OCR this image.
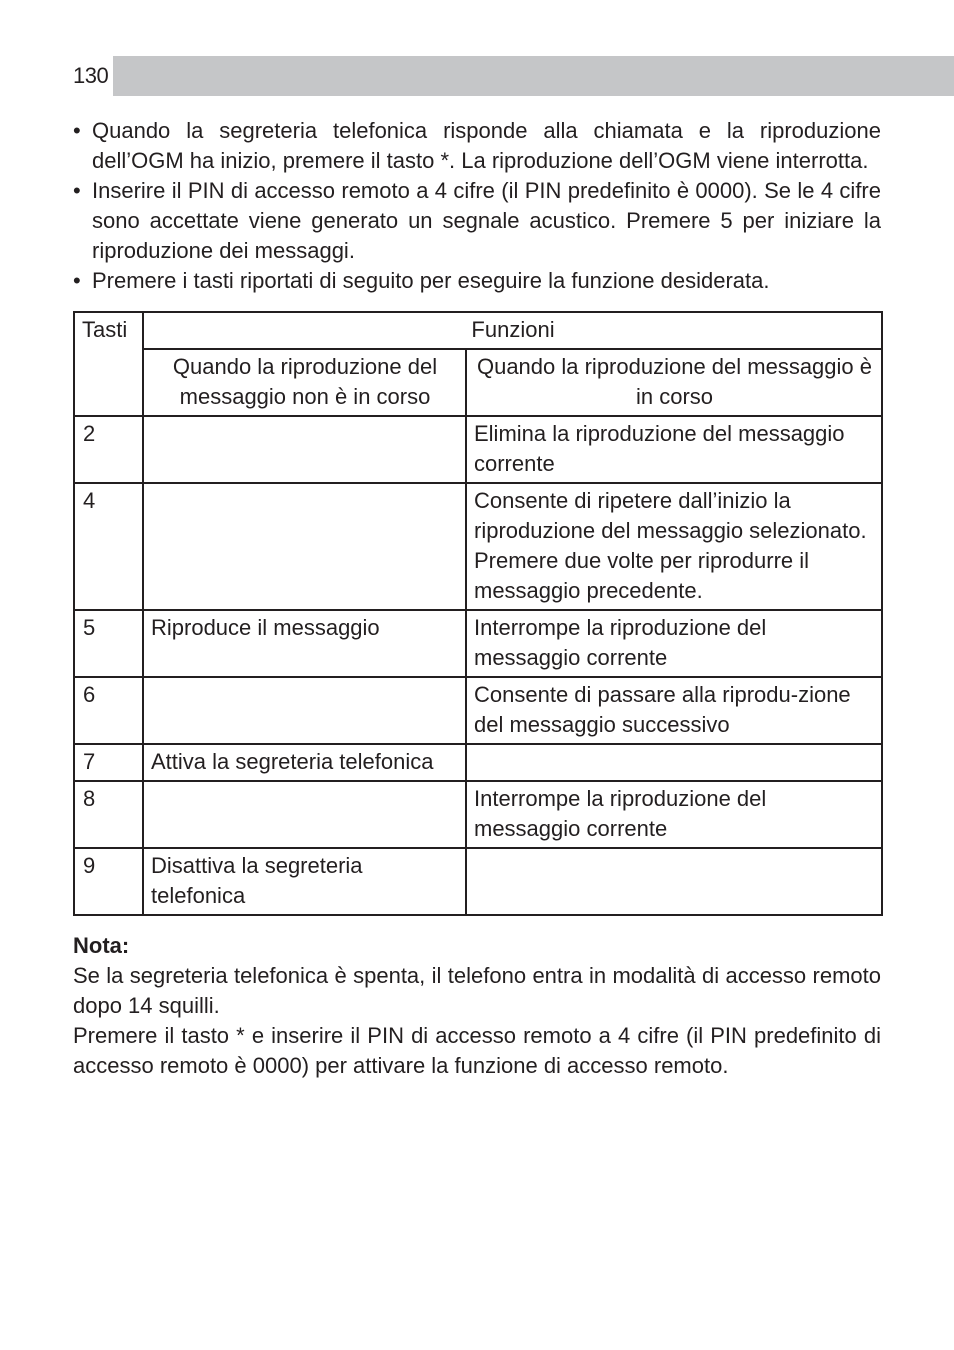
130
• Quando la segreteria telefonica risponde alla chiamata e la riproduzione dell’OGM ha inizio, premere il tasto *. La riproduzione dell’OGM viene interrotta.
• Inserire il PIN di accesso remoto a 4 cifre (il PIN predefinito è 0000). Se le 4 cifre sono accettate viene generato un segnale acustico. Premere 5 per iniziare la riproduzione dei messaggi.
• Premere i tasti riportati di seguito per eseguire la funzione desiderata.
Tasti	Funzioni	
	Quando la riproduzione del messaggio non è in corso	Quando la riproduzione del messaggio è in corso
2		Elimina la riproduzione del messaggio corrente
4		Consente di ripetere dall’inizio la riproduzione del messaggio selezionato. Premere due volte per riprodurre il messaggio precedente.
5	Riproduce il messaggio	Interrompe la riproduzione del messaggio corrente
6		Consente di passare alla riprodu-zione del messaggio successivo
7	Attiva la segreteria telefonica	
8		Interrompe la riproduzione del messaggio corrente
9	Disattiva la segreteria telefonica	
Nota:

Se la segreteria telefonica è spenta, il telefono entra in modalità di accesso remoto dopo 14 squilli.

Premere il tasto * e inserire il PIN di accesso remoto a 4 cifre (il PIN predefinito di accesso remoto è 0000) per attivare la funzione di accesso remoto.
